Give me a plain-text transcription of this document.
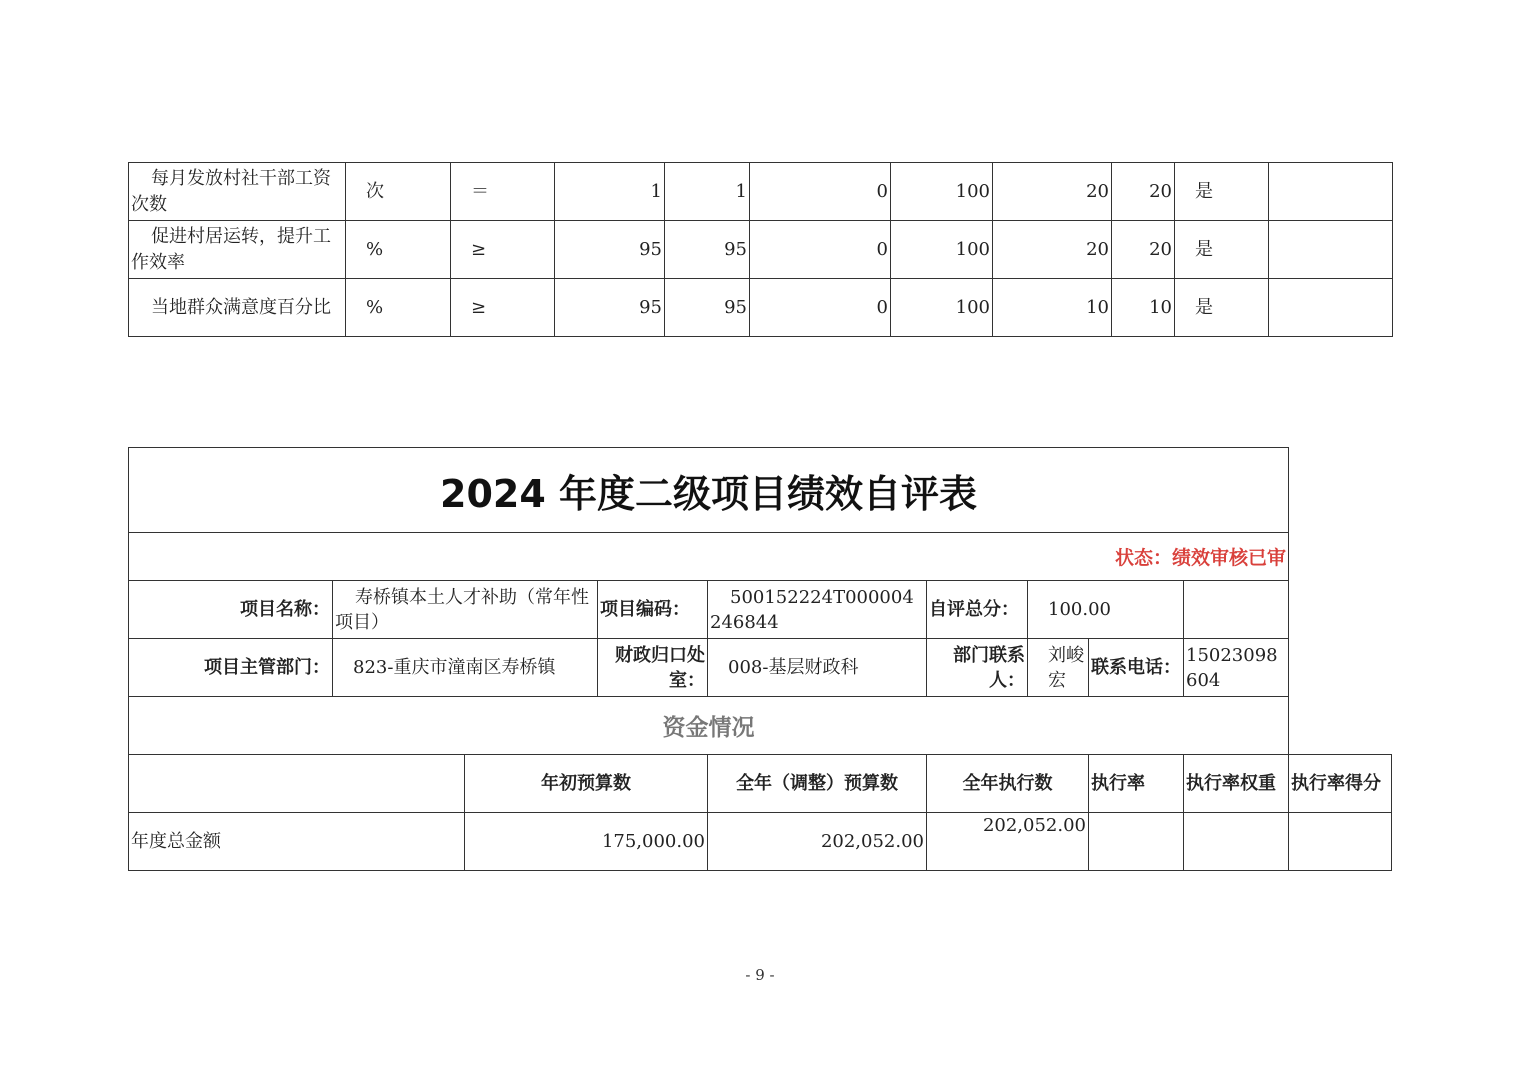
每月发放村社干部工资次数	次	＝	1	1	0	100	20	20	是	
促进村居运转，提升工作效率	%	≥	95	95	0	100	20	20	是	
当地群众满意度百分比	%	≥	95	95	0	100	10	10	是	
2024 年度二级项目绩效自评表									
状态：绩效审核已审									
项目名称：	寿桥镇本土人才补助（常年性项目）		项目编码：	500152224T000004246844	自评总分：	100.00			
项目主管部门：	823-重庆市潼南区寿桥镇		财政归口处室：	008-基层财政科	部门联系人：	刘峻宏	联系电话：	15023098604	
资金情况									
		年初预算数		全年（调整）预算数	全年执行数		执行率	执行率权重	执行率得分
年度总金额		175,000.00		202,052.00	202,052.00				
- 9 -
